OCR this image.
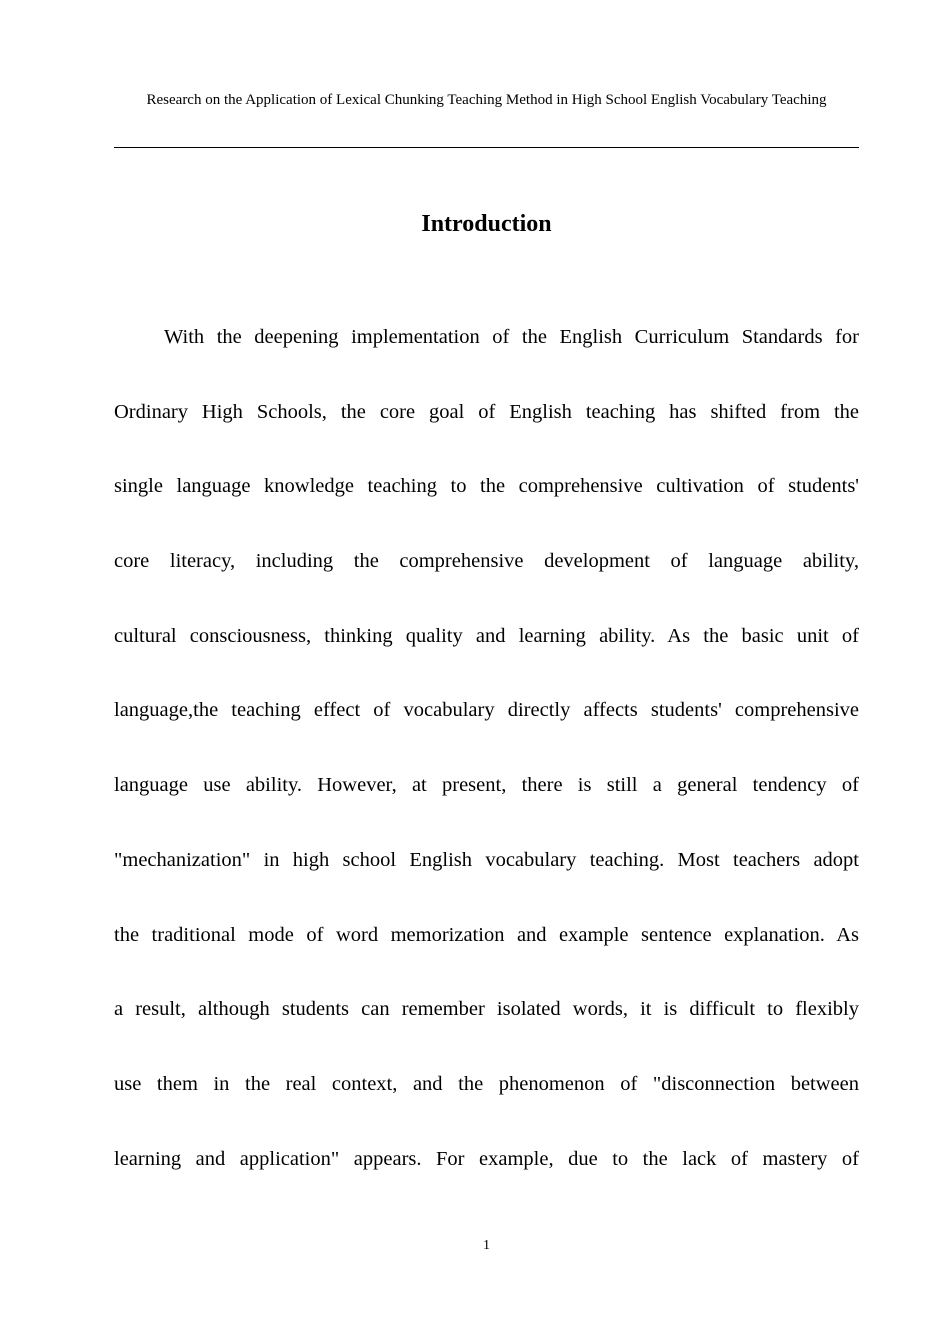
Research on the Application of Lexical Chunking Teaching Method in High School English Vocabulary Teaching
Introduction
With the deepening implementation of the English Curriculum Standards for
Ordinary High Schools, the core goal of English teaching has shifted from the
single language knowledge teaching to the comprehensive cultivation of students'
core literacy, including the comprehensive development of language ability,
cultural consciousness, thinking quality and learning ability. As the basic unit of
language,the teaching effect of vocabulary directly affects students' comprehensive
language use ability. However, at present, there is still a general tendency of
"mechanization" in high school English vocabulary teaching. Most teachers adopt
the traditional mode of word memorization and example sentence explanation. As
a result, although students can remember isolated words, it is difficult to flexibly
use them in the real context, and the phenomenon of "disconnection between
learning and application" appears. For example, due to the lack of mastery of
1
